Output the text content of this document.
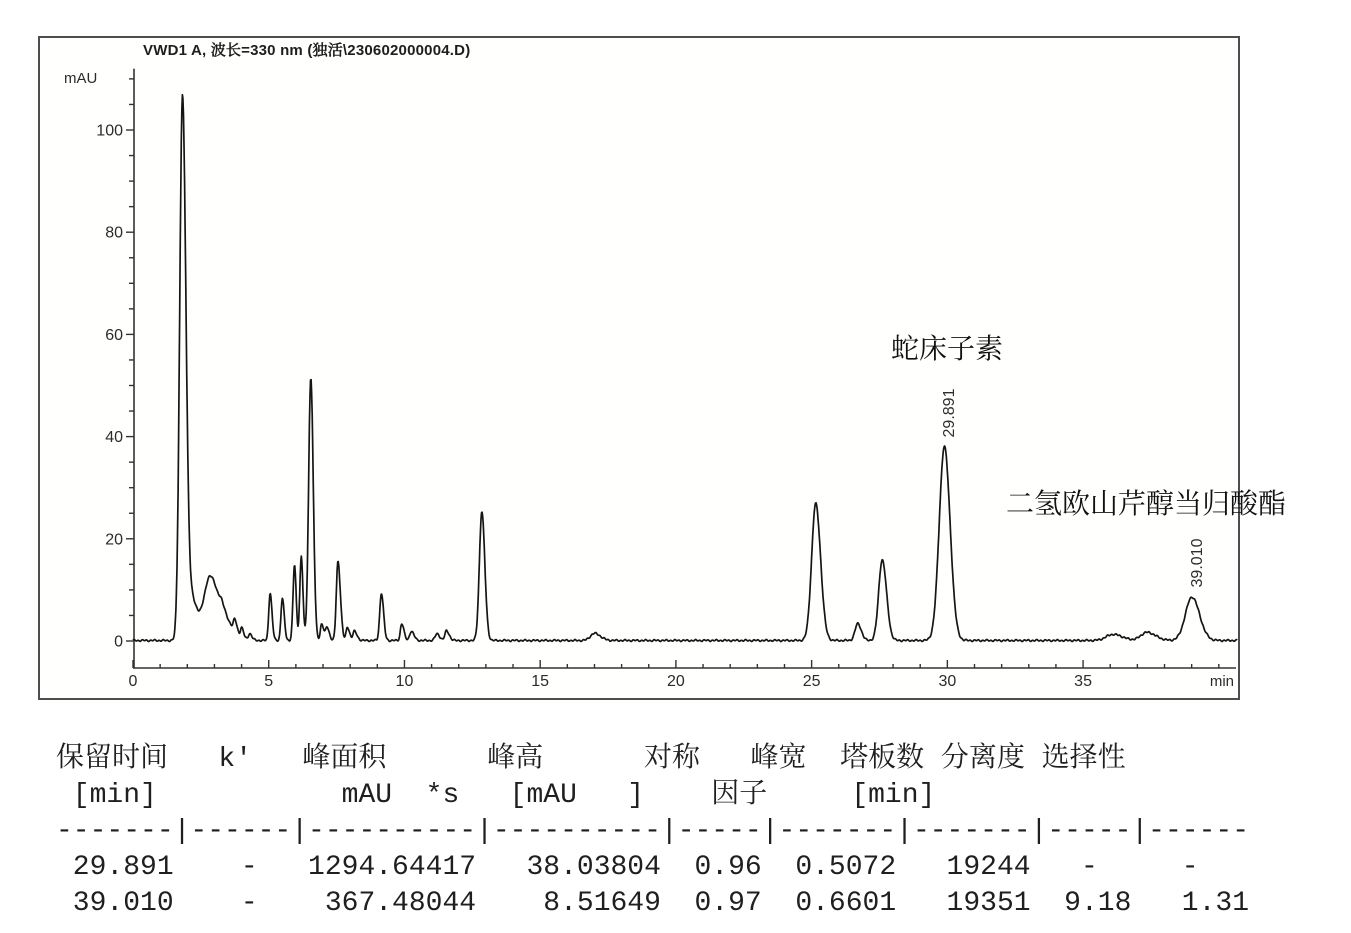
0
20
40
60
80
100
0	5	10	15	20	25	30	35	min
VWD1 A, 波长=330 nm (独活\230602000004.D)
mAU
蛇床子素
二氢欧山芹醇当归酸酯
29.891
39.010
保留时间   k'   峰面积      峰高      对称   峰宽  塔板数 分离度 选择性
[min]           mAU  *s   [mAU   ]    因子     [min]
-------|------|----------|----------|-----|-------|-------|-----|------
29.891    -   1294.64417   38.03804  0.96  0.5072   19244   -     -
39.010    -    367.48044    8.51649  0.97  0.6601   19351  9.18   1.31
